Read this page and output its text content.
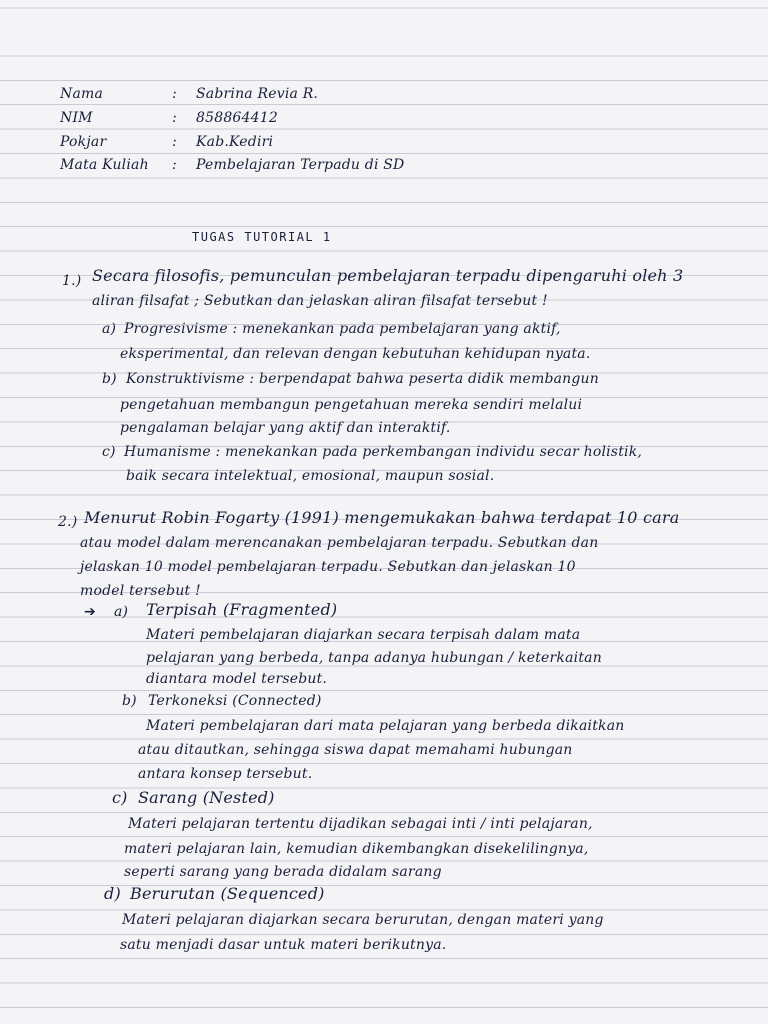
Nama	:	Sabrina Revia R.
NIM	:	858864412
Pokjar	:	Kab.Kediri
Mata Kuliah	:	Pembelajaran Terpadu di SD
TUGAS TUTORIAL 1
1.) Secara filosofis, pemunculan pembelajaran terpadu dipengaruhi oleh 3
aliran filsafat ; Sebutkan dan jelaskan aliran filsafat tersebut !
a) Progresivisme : menekankan pada pembelajaran yang aktif,
eksperimental, dan relevan dengan kebutuhan kehidupan nyata.
b) Konstruktivisme : berpendapat bahwa peserta didik membangun
pengetahuan membangun pengetahuan mereka sendiri melalui
pengalaman belajar yang aktif dan interaktif.
c) Humanisme : menekankan pada perkembangan individu secar holistik,
baik secara intelektual, emosional, maupun sosial.
2.) Menurut Robin Fogarty (1991) mengemukakan bahwa terdapat 10 cara
atau model dalam merencanakan pembelajaran terpadu. Sebutkan dan
jelaskan 10 model pembelajaran terpadu. Sebutkan dan jelaskan 10
model tersebut !
➔ a) Terpisah (Fragmented)
Materi pembelajaran diajarkan secara terpisah dalam mata
pelajaran yang berbeda, tanpa adanya hubungan / keterkaitan
diantara model tersebut.
b) Terkoneksi (Connected)
Materi pembelajaran dari mata pelajaran yang berbeda dikaitkan
atau ditautkan, sehingga siswa dapat memahami hubungan
antara konsep tersebut.
c) Sarang (Nested)
Materi pelajaran tertentu dijadikan sebagai inti / inti pelajaran,
materi pelajaran lain, kemudian dikembangkan disekelilingnya,
seperti sarang yang berada didalam sarang
d) Berurutan (Sequenced)
Materi pelajaran diajarkan secara berurutan, dengan materi yang
satu menjadi dasar untuk materi berikutnya.
